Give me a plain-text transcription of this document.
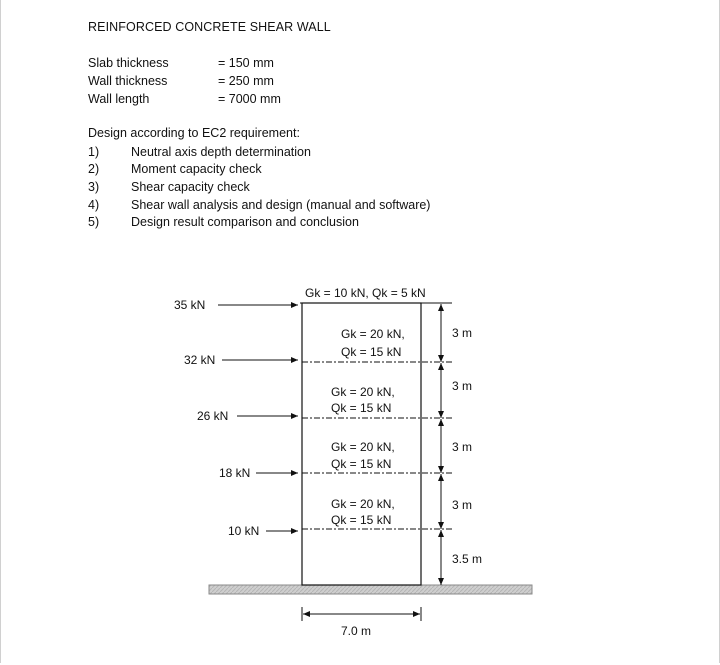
REINFORCED CONCRETE SHEAR WALL
Slab thickness	= 150 mm
Wall thickness	= 250 mm
Wall length	= 7000 mm
Design according to EC2 requirement:
1)	Neutral axis depth determination
2)	Moment capacity check
3)	Shear capacity check
4)	Shear wall analysis and design (manual and software)
5)	Design result comparison and conclusion
Gk = 10 kN, Qk = 5 kN
Gk = 20 kN,
Qk = 15 kN
Gk = 20 kN,
Qk = 15 kN
Gk = 20 kN,
Qk = 15 kN
Gk = 20 kN,
Qk = 15 kN
35 kN
32 kN
26 kN
18 kN
10 kN
3 m
3 m
3 m
3 m
3.5 m
7.0 m
